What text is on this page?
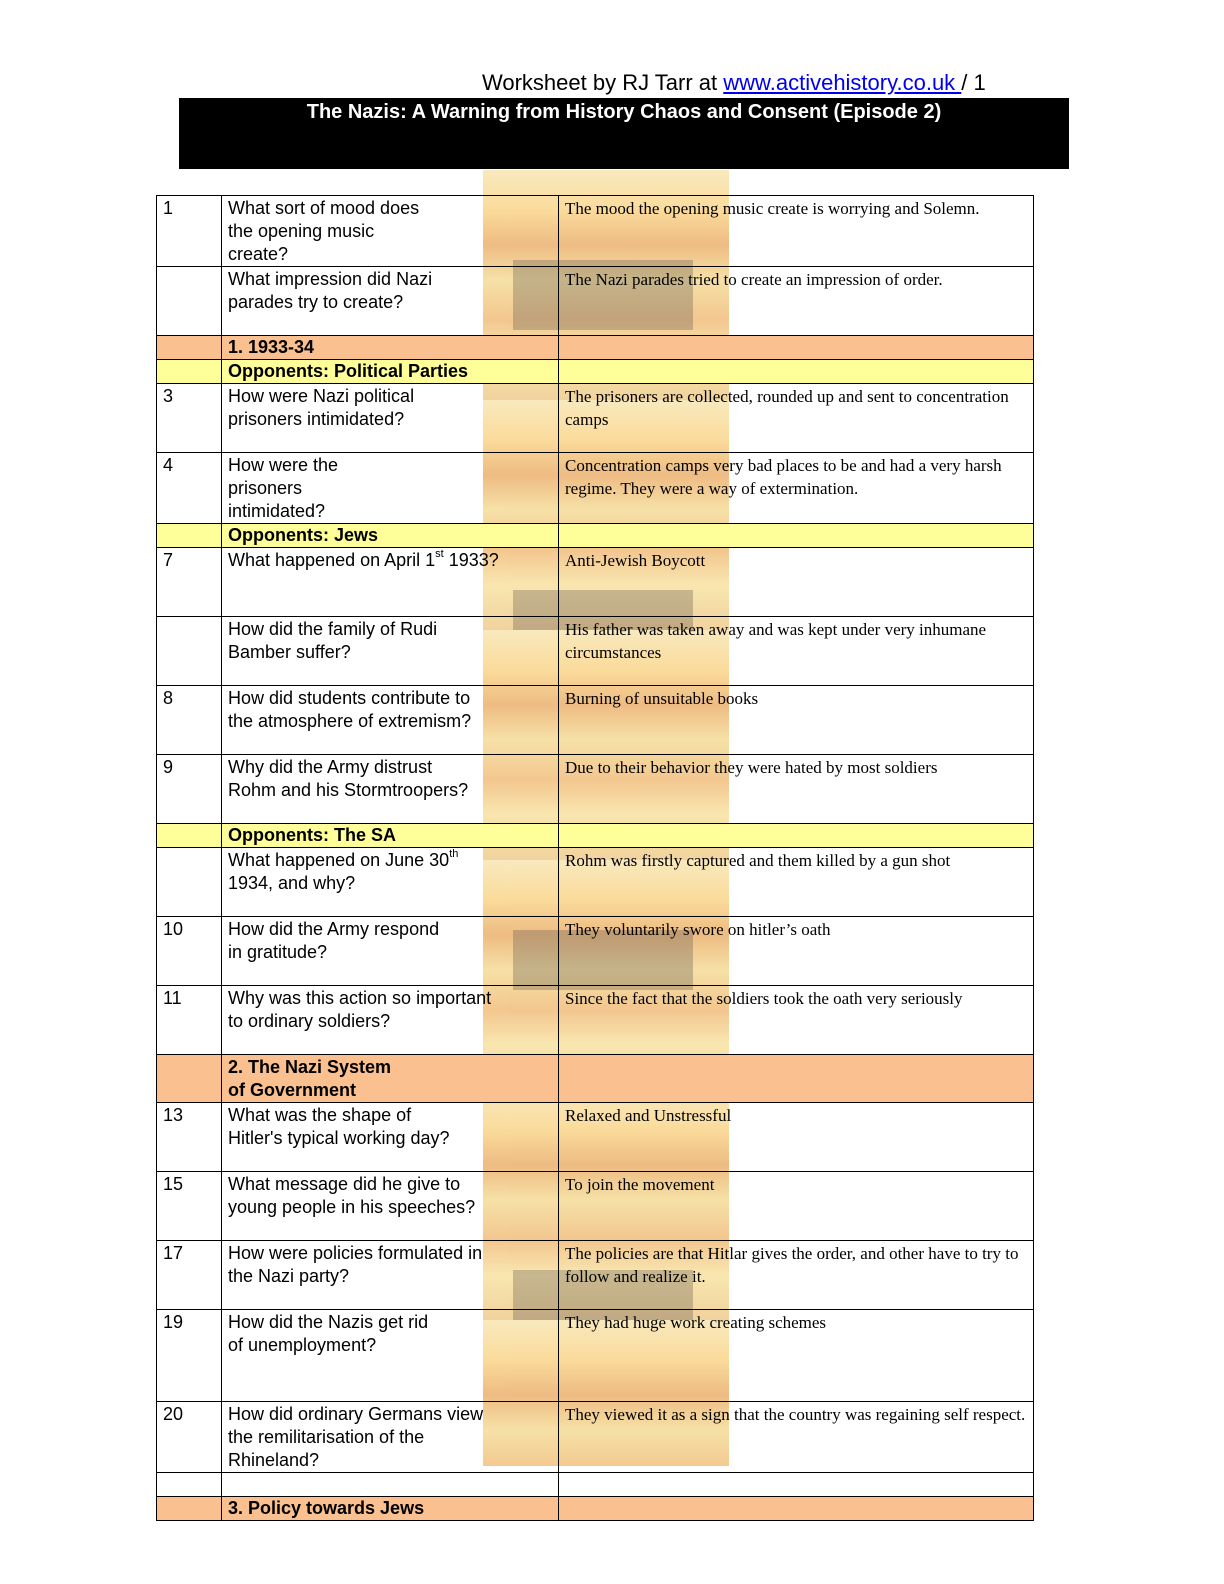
Worksheet by RJ Tarr at www.activehistory.co.uk / 1
The Nazis: A Warning from History Chaos and Consent (Episode 2)
1	What sort of mood does
the opening music
create?	The mood the opening music create is worrying and Solemn.

	What impression did Nazi
parades try to create?	The Nazi parades tried to create an impression of order.
	1. 1933-34	
	Opponents: Political Parties	
3	How were Nazi political
prisoners intimidated?	The prisoners are collected, rounded up and sent to concentration camps
4	How were the
prisoners
intimidated?	Concentration camps very bad places to be and had a very harsh regime. They were a way of extermination.
	Opponents: Jews	
7	What happened on April 1st 1933?	Anti-Jewish Boycott

	How did the family of Rudi
Bamber suffer?	His father was taken away and was kept under very inhumane circumstances
8	How did students contribute to
the atmosphere of extremism?	Burning of unsuitable books
9	Why did the Army distrust
Rohm and his Stormtroopers?	Due to their behavior they were hated by most soldiers
	Opponents: The SA	
	What happened on June 30th
1934, and why?	Rohm was firstly captured and them killed by a gun shot
10	How did the Army respond
in gratitude?	They voluntarily swore on hitler’s oath
11	Why was this action so important
to ordinary soldiers?	Since the fact that the soldiers took the oath very seriously

	2. The Nazi System
of Government	

13	What was the shape of
Hitler's typical working day?	Relaxed and Unstressful
15	What message did he give to
young people in his speeches?	To join the movement
17	How were policies formulated in
the Nazi party?	The policies are that Hitlar gives the order, and other have to try to follow and realize it.
19	How did the Nazis get rid
of unemployment?	They had huge work creating schemes
20	How did ordinary Germans view
the remilitarisation of the
Rhineland?	They viewed it as a sign that the country was regaining self respect.

	3. Policy towards Jews	
